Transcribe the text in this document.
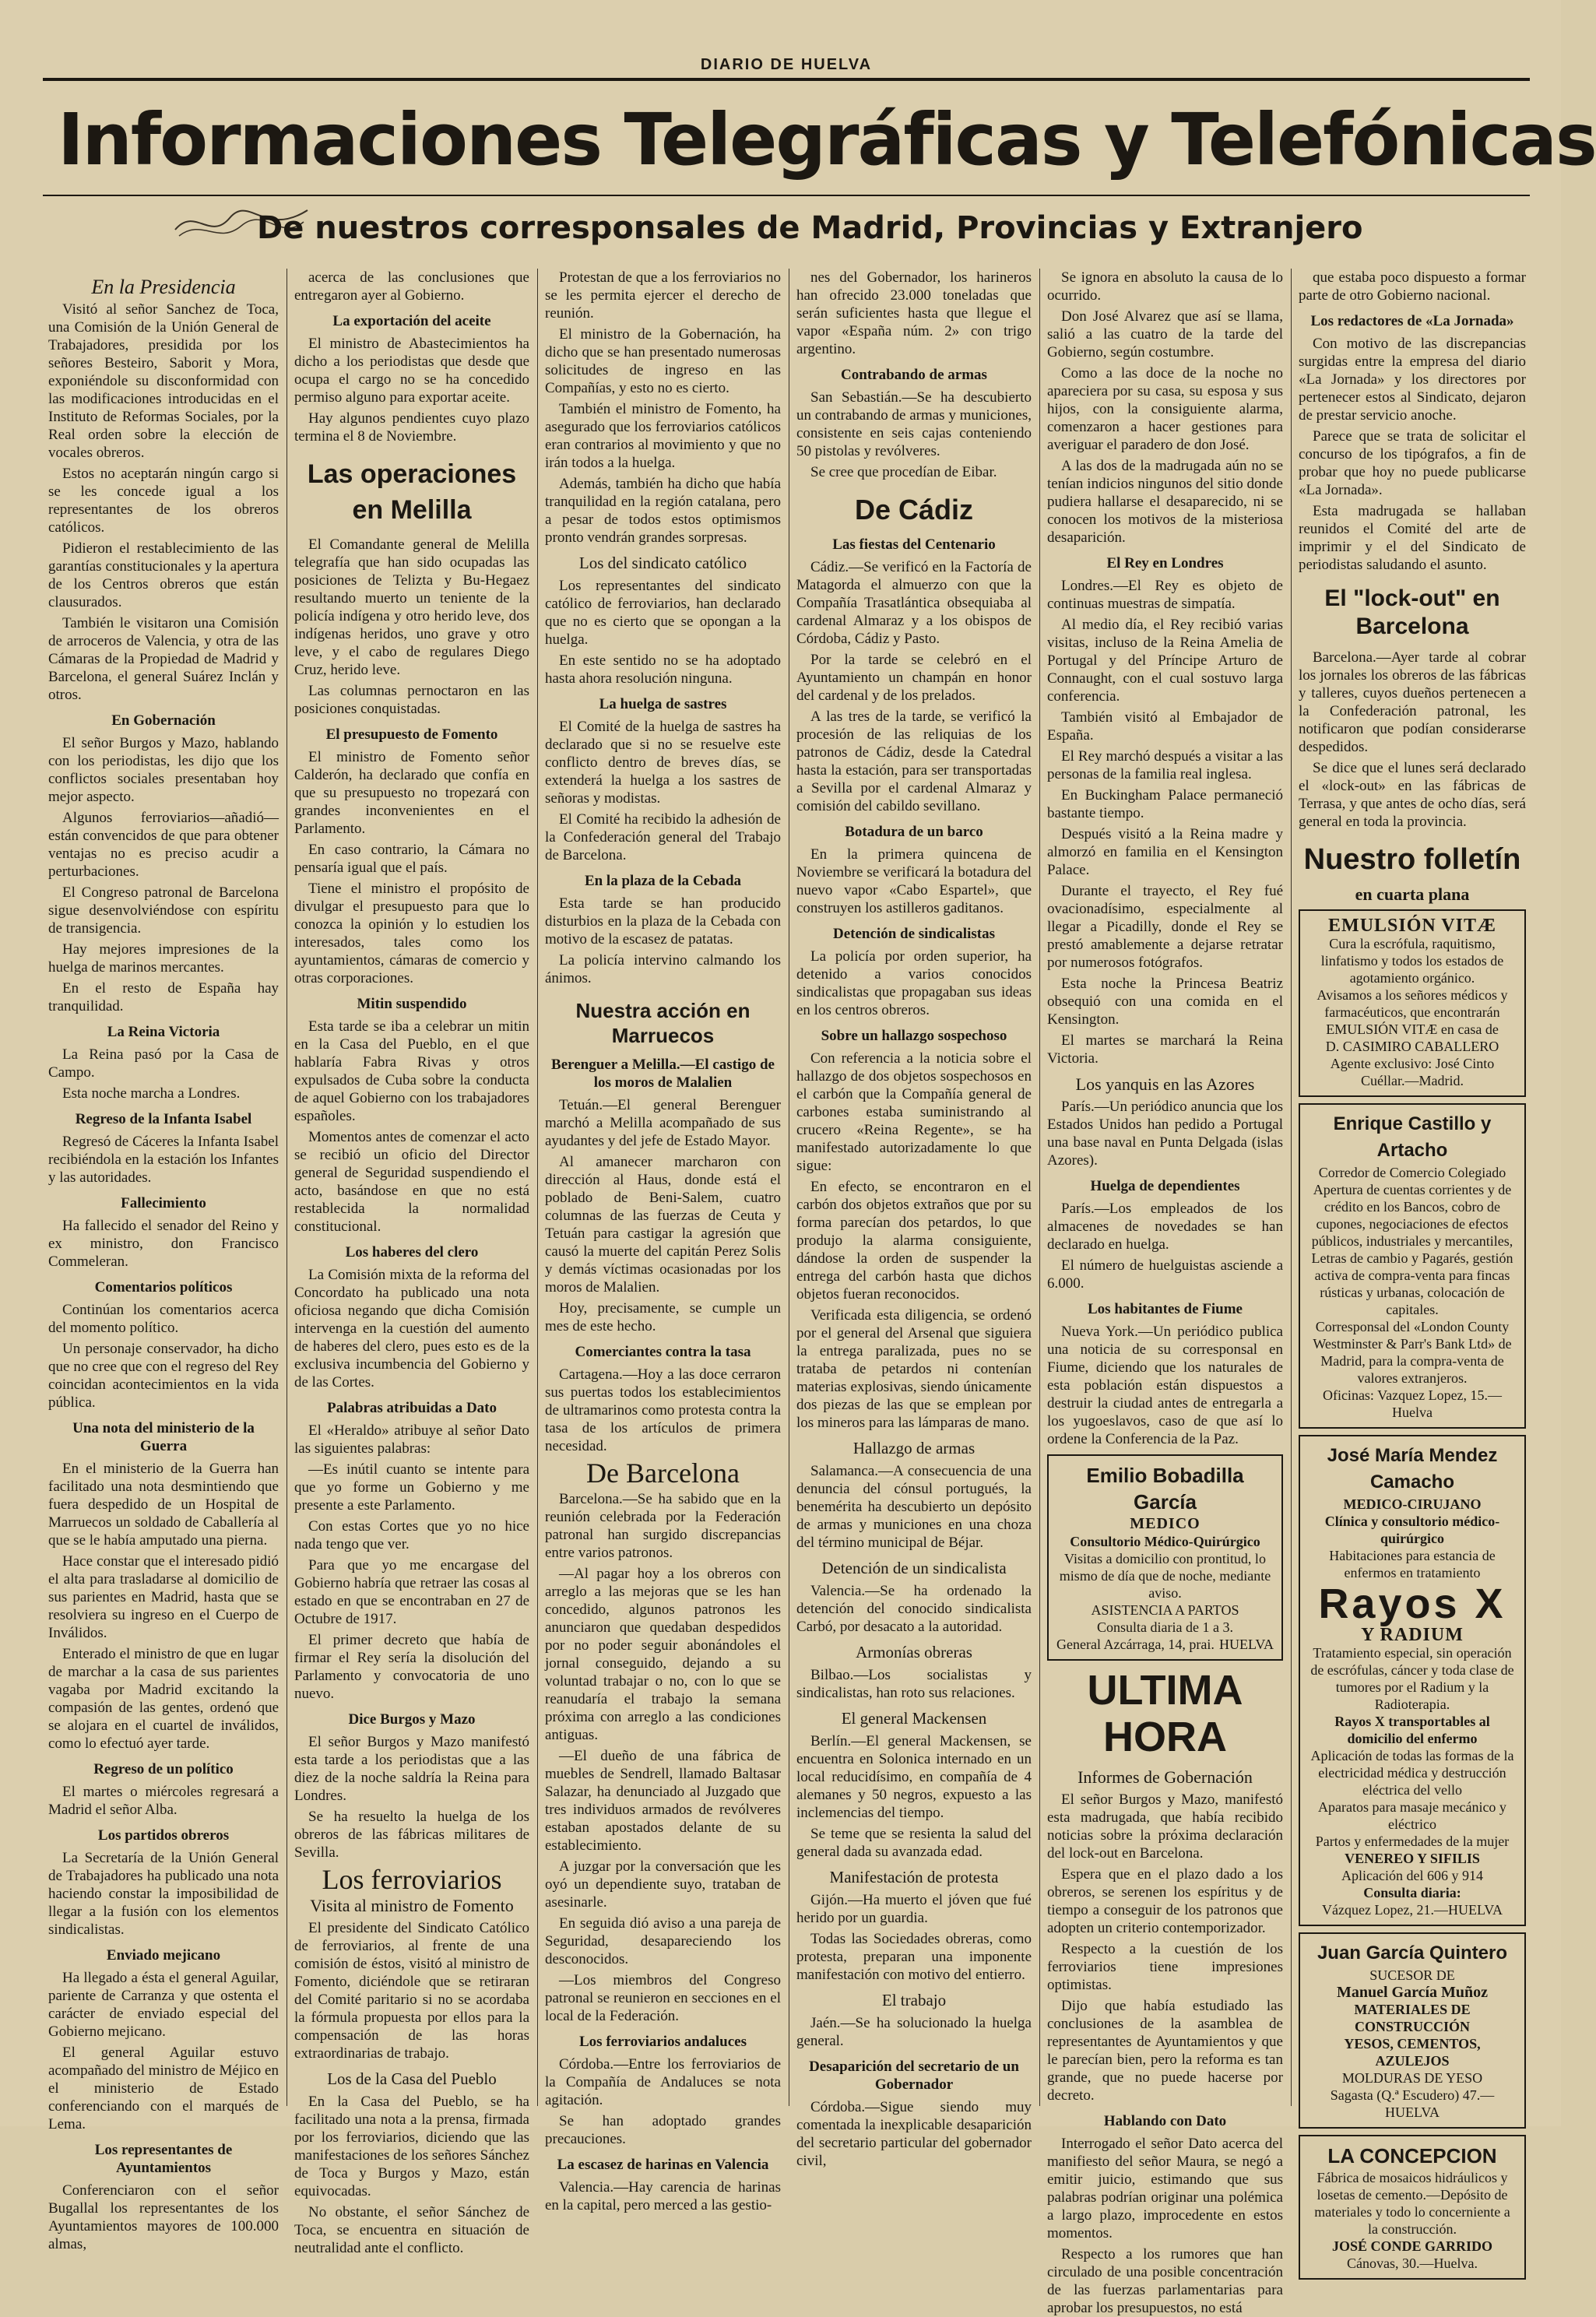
DIARIO DE HUELVA
Informaciones Telegráficas y Telefónicas
De nuestros corresponsales de Madrid, Provincias y Extranjero
En la Presidencia

Visitó al señor Sanchez de Toca, una Comisión de la Unión General de Trabajadores, presidida por los señores Besteiro, Saborit y Mora, exponiéndole su disconformidad con las modificaciones introducidas en el Instituto de Reformas Sociales, por la Real orden sobre la elección de vocales obreros.

Estos no aceptarán ningún cargo si se les concede igual a los representantes de los obreros católicos.

Pidieron el restablecimiento de las garantías constitucionales y la apertura de los Centros obreros que están clausurados.

También le visitaron una Comisión de arroceros de Valencia, y otra de las Cámaras de la Propiedad de Madrid y Barcelona, el general Suárez Inclán y otros.

En Gobernación

El señor Burgos y Mazo, hablando con los periodistas, les dijo que los conflictos sociales presentaban hoy mejor aspecto.

Algunos ferroviarios—añadió—están convencidos de que para obtener ventajas no es preciso acudir a perturbaciones.

El Congreso patronal de Barcelona sigue desenvolviéndose con espíritu de transigencia.

Hay mejores impresiones de la huelga de marinos mercantes.

En el resto de España hay tranquilidad.

La Reina Victoria

La Reina pasó por la Casa de Campo.

Esta noche marcha a Londres.

Regreso de la Infanta Isabel

Regresó de Cáceres la Infanta Isabel recibiéndola en la estación los Infantes y las autoridades.

Fallecimiento

Ha fallecido el senador del Reino y ex ministro, don Francisco Commeleran.

Comentarios políticos

Continúan los comentarios acerca del momento político.

Un personaje conservador, ha dicho que no cree que con el regreso del Rey coincidan acontecimientos en la vida pública.

Una nota del ministerio de la Guerra

En el ministerio de la Guerra han facilitado una nota desmintiendo que fuera despedido de un Hospital de Marruecos un soldado de Caballería al que se le había amputado una pierna.

Hace constar que el interesado pidió el alta para trasladarse al domicilio de sus parientes en Madrid, hasta que se resolviera su ingreso en el Cuerpo de Inválidos.

Enterado el ministro de que en lugar de marchar a la casa de sus parientes vagaba por Madrid excitando la compasión de las gentes, ordenó que se alojara en el cuartel de inválidos, como lo efectuó ayer tarde.

Regreso de un político

El martes o miércoles regresará a Madrid el señor Alba.

Los partidos obreros

La Secretaría de la Unión General de Trabajadores ha publicado una nota haciendo constar la imposibilidad de llegar a la fusión con los elementos sindicalistas.

Enviado mejicano

Ha llegado a ésta el general Aguilar, pariente de Carranza y que ostenta el carácter de enviado especial del Gobierno mejicano.

El general Aguilar estuvo acompañado del ministro de Méjico en el ministerio de Estado conferenciando con el marqués de Lema.

Los representantes de Ayuntamientos

Conferenciaron con el señor Bugallal los representantes de los Ayuntamientos mayores de 100.000 almas,

acerca de las conclusiones que entregaron ayer al Gobierno.

La exportación del aceite

El ministro de Abastecimientos ha dicho a los periodistas que desde que ocupa el cargo no se ha concedido permiso alguno para exportar aceite.

Hay algunos pendientes cuyo plazo termina el 8 de Noviembre.

Las operaciones en Melilla

El Comandante general de Melilla telegrafía que han sido ocupadas las posiciones de Telizta y Bu-Hegaez resultando muerto un teniente de la policía indígena y otro herido leve, dos indígenas heridos, uno grave y otro leve, y el cabo de regulares Diego Cruz, herido leve.

Las columnas pernoctaron en las posiciones conquistadas.

El presupuesto de Fomento

El ministro de Fomento señor Calderón, ha declarado que confía en que su presupuesto no tropezará con grandes inconvenientes en el Parlamento.

En caso contrario, la Cámara no pensaría igual que el país.

Tiene el ministro el propósito de divulgar el presupuesto para que lo conozca la opinión y lo estudien los interesados, tales como los ayuntamientos, cámaras de comercio y otras corporaciones.

Mitin suspendido

Esta tarde se iba a celebrar un mitin en la Casa del Pueblo, en el que hablaría Fabra Rivas y otros expulsados de Cuba sobre la conducta de aquel Gobierno con los trabajadores españoles.

Momentos antes de comenzar el acto se recibió un oficio del Director general de Seguridad suspendiendo el acto, basándose en que no está restablecida la normalidad constitucional.

Los haberes del clero

La Comisión mixta de la reforma del Concordato ha publicado una nota oficiosa negando que dicha Comisión intervenga en la cuestión del aumento de haberes del clero, pues esto es de la exclusiva incumbencia del Gobierno y de las Cortes.

Palabras atribuidas a Dato

El «Heraldo» atribuye al señor Dato las siguientes palabras:

—Es inútil cuanto se intente para que yo forme un Gobierno y me presente a este Parlamento.

Con estas Cortes que yo no hice nada tengo que ver.

Para que yo me encargase del Gobierno habría que retraer las cosas al estado en que se encontraban en 27 de Octubre de 1917.

El primer decreto que había de firmar el Rey sería la disolución del Parlamento y convocatoria de uno nuevo.

Dice Burgos y Mazo

El señor Burgos y Mazo manifestó esta tarde a los periodistas que a las diez de la noche saldría la Reina para Londres.

Se ha resuelto la huelga de los obreros de las fábricas militares de Sevilla.

Los ferroviarios
Visita al ministro de Fomento

El presidente del Sindicato Católico de ferroviarios, al frente de una comisión de éstos, visitó al ministro de Fomento, diciéndole que se retiraran del Comité paritario si no se acordaba la fórmula propuesta por ellos para la compensación de las horas extraordinarias de trabajo.

Los de la Casa del Pueblo

En la Casa del Pueblo, se ha facilitado una nota a la prensa, firmada por los ferroviarios, diciendo que las manifestaciones de los señores Sánchez de Toca y Burgos y Mazo, están equivocadas.

No obstante, el señor Sánchez de Toca, se encuentra en situación de neutralidad ante el conflicto.

Protestan de que a los ferroviarios no se les permita ejercer el derecho de reunión.

El ministro de la Gobernación, ha dicho que se han presentado numerosas solicitudes de ingreso en las Compañías, y esto no es cierto.

También el ministro de Fomento, ha asegurado que los ferroviarios católicos eran contrarios al movimiento y que no irán todos a la huelga.

Además, también ha dicho que había tranquilidad en la región catalana, pero a pesar de todos estos optimismos pronto vendrán grandes sorpresas.

Los del sindicato católico

Los representantes del sindicato católico de ferroviarios, han declarado que no es cierto que se opongan a la huelga.

En este sentido no se ha adoptado hasta ahora resolución ninguna.

La huelga de sastres

El Comité de la huelga de sastres ha declarado que si no se resuelve este conflicto dentro de breves días, se extenderá la huelga a los sastres de señoras y modistas.

El Comité ha recibido la adhesión de la Confederación general del Trabajo de Barcelona.

En la plaza de la Cebada

Esta tarde se han producido disturbios en la plaza de la Cebada con motivo de la escasez de patatas.

La policía intervino calmando los ánimos.

Nuestra acción en Marruecos
Berenguer a Melilla.—El castigo de los moros de Malalien

Tetuán.—El general Berenguer marchó a Melilla acompañado de sus ayudantes y del jefe de Estado Mayor.

Al amanecer marcharon con dirección al Haus, donde está el poblado de Beni-Salem, cuatro columnas de las fuerzas de Ceuta y Tetuán para castigar la agresión que causó la muerte del capitán Perez Solis y demás víctimas ocasionadas por los moros de Malalien.

Hoy, precisamente, se cumple un mes de este hecho.

Comerciantes contra la tasa

Cartagena.—Hoy a las doce cerraron sus puertas todos los establecimientos de ultramarinos como protesta contra la tasa de los artículos de primera necesidad.

De Barcelona

Barcelona.—Se ha sabido que en la reunión celebrada por la Federación patronal han surgido discrepancias entre varios patronos.

—Al pagar hoy a los obreros con arreglo a las mejoras que se les han concedido, algunos patronos les anunciaron que quedaban despedidos por no poder seguir abonándoles el jornal conseguido, dejando a su voluntad trabajar o no, con lo que se reanudaría el trabajo la semana próxima con arreglo a las condiciones antiguas.

—El dueño de una fábrica de muebles de Sendrell, llamado Baltasar Salazar, ha denunciado al Juzgado que tres individuos armados de revólveres estaban apostados delante de su establecimiento.

A juzgar por la conversación que les oyó un dependiente suyo, trataban de asesinarle.

En seguida dió aviso a una pareja de Seguridad, desapareciendo los desconocidos.

—Los miembros del Congreso patronal se reunieron en secciones en el local de la Federación.

Los ferroviarios andaluces

Córdoba.—Entre los ferroviarios de la Compañía de Andaluces se nota agitación.

Se han adoptado grandes precauciones.

La escasez de harinas en Valencia

Valencia.—Hay carencia de harinas en la capital, pero merced a las gestio-

nes del Gobernador, los harineros han ofrecido 23.000 toneladas que serán suficientes hasta que llegue el vapor «España núm. 2» con trigo argentino.

Contrabando de armas

San Sebastián.—Se ha descubierto un contrabando de armas y municiones, consistente en seis cajas conteniendo 50 pistolas y revólveres.

Se cree que procedían de Eibar.

De Cádiz
Las fiestas del Centenario

Cádiz.—Se verificó en la Factoría de Matagorda el almuerzo con que la Compañía Trasatlántica obsequiaba al cardenal Almaraz y a los obispos de Córdoba, Cádiz y Pasto.

Por la tarde se celebró en el Ayuntamiento un champán en honor del cardenal y de los prelados.

A las tres de la tarde, se verificó la procesión de las reliquias de los patronos de Cádiz, desde la Catedral hasta la estación, para ser transportadas a Sevilla por el cardenal Almaraz y comisión del cabildo sevillano.

Botadura de un barco

En la primera quincena de Noviembre se verificará la botadura del nuevo vapor «Cabo Espartel», que construyen los astilleros gaditanos.

Detención de sindicalistas

La policía por orden superior, ha detenido a varios conocidos sindicalistas que propagaban sus ideas en los centros obreros.

Sobre un hallazgo sospechoso

Con referencia a la noticia sobre el hallazgo de dos objetos sospechosos en el carbón que la Compañía general de carbones estaba suministrando al crucero «Reina Regente», se ha manifestado autorizadamente lo que sigue:

En efecto, se encontraron en el carbón dos objetos extraños que por su forma parecían dos petardos, lo que produjo la alarma consiguiente, dándose la orden de suspender la entrega del carbón hasta que dichos objetos fueran reconocidos.

Verificada esta diligencia, se ordenó por el general del Arsenal que siguiera la entrega paralizada, pues no se trataba de petardos ni contenían materias explosivas, siendo únicamente dos piezas de las que se emplean por los mineros para las lámparas de mano.

Hallazgo de armas

Salamanca.—A consecuencia de una denuncia del cónsul portugués, la benemérita ha descubierto un depósito de armas y municiones en una choza del término municipal de Béjar.

Detención de un sindicalista

Valencia.—Se ha ordenado la detención del conocido sindicalista Carbó, por desacato a la autoridad.

Armonías obreras

Bilbao.—Los socialistas y sindicalistas, han roto sus relaciones.

El general Mackensen

Berlín.—El general Mackensen, se encuentra en Solonica internado en un local reducidísimo, en compañía de 4 alemanes y 50 negros, expuesto a las inclemencias del tiempo.

Se teme que se resienta la salud del general dada su avanzada edad.

Manifestación de protesta

Gijón.—Ha muerto el jóven que fué herido por un guardia.

Todas las Sociedades obreras, como protesta, preparan una imponente manifestación con motivo del entierro.

El trabajo

Jaén.—Se ha solucionado la huelga general.

Desaparición del secretario de un Gobernador

Córdoba.—Sigue siendo muy comentada la inexplicable desaparición del secretario particular del gobernador civil,

Se ignora en absoluto la causa de lo ocurrido.

Don José Alvarez que así se llama, salió a las cuatro de la tarde del Gobierno, según costumbre.

Como a las doce de la noche no apareciera por su casa, su esposa y sus hijos, con la consiguiente alarma, comenzaron a hacer gestiones para averiguar el paradero de don José.

A las dos de la madrugada aún no se tenían indicios ningunos del sitio donde pudiera hallarse el desaparecido, ni se conocen los motivos de la misteriosa desaparición.

El Rey en Londres

Londres.—El Rey es objeto de continuas muestras de simpatía.

Al medio día, el Rey recibió varias visitas, incluso de la Reina Amelia de Portugal y del Príncipe Arturo de Connaught, con el cual sostuvo larga conferencia.

También visitó al Embajador de España.

El Rey marchó después a visitar a las personas de la familia real inglesa.

En Buckingham Palace permaneció bastante tiempo.

Después visitó a la Reina madre y almorzó en familia en el Kensington Palace.

Durante el trayecto, el Rey fué ovacionadísimo, especialmente al llegar a Picadilly, donde el Rey se prestó amablemente a dejarse retratar por numerosos fotógrafos.

Esta noche la Princesa Beatriz obsequió con una comida en el Kensington.

El martes se marchará la Reina Victoria.

Los yanquis en las Azores

París.—Un periódico anuncia que los Estados Unidos han pedido a Portugal una base naval en Punta Delgada (islas Azores).

Huelga de dependientes

París.—Los empleados de los almacenes de novedades se han declarado en huelga.

El número de huelguistas asciende a 6.000.

Los habitantes de Fiume

Nueva York.—Un periódico publica una noticia de su corresponsal en Fiume, diciendo que los naturales de esta población están dispuestos a destruir la ciudad antes de entregarla a los yugoeslavos, caso de que así lo ordene la Conferencia de la Paz.

Emilio Bobadilla García
MEDICO
Consultorio Médico-Quirúrgico
Visitas a domicilio con prontitud, lo mismo de día que de noche, mediante aviso.
ASISTENCIA A PARTOS
Consulta diaria de 1 a 3.
General Azcárraga, 14, prai. HUELVA
ULTIMA HORA
Informes de Gobernación

El señor Burgos y Mazo, manifestó esta madrugada, que había recibido noticias sobre la próxima declaración del lock-out en Barcelona.

Espera que en el plazo dado a los obreros, se serenen los espíritus y de tiempo a conseguir de los patronos que adopten un criterio contemporizador.

Respecto a la cuestión de los ferroviarios tiene impresiones optimistas.

Dijo que había estudiado las conclusiones de la asamblea de representantes de Ayuntamientos y que le parecían bien, pero la reforma es tan grande, que no puede hacerse por decreto.

Hablando con Dato

Interrogado el señor Dato acerca del manifiesto del señor Maura, se negó a emitir juicio, estimando que sus palabras podrían originar una polémica a largo plazo, improcedente en estos momentos.

Respecto a los rumores que han circulado de una posible concentración de las fuerzas parlamentarias para aprobar los presupuestos, no está

que estaba poco dispuesto a formar parte de otro Gobierno nacional.

Los redactores de «La Jornada»

Con motivo de las discrepancias surgidas entre la empresa del diario «La Jornada» y los directores por pertenecer estos al Sindicato, dejaron de prestar servicio anoche.

Parece que se trata de solicitar el concurso de los tipógrafos, a fin de probar que hoy no puede publicarse «La Jornada».

Esta madrugada se hallaban reunidos el Comité del arte de imprimir y el del Sindicato de periodistas saludando el asunto.

El "lock-out" en Barcelona

Barcelona.—Ayer tarde al cobrar los jornales los obreros de las fábricas y talleres, cuyos dueños pertenecen a la Confederación patronal, les notificaron que podían considerarse despedidos.

Se dice que el lunes será declarado el «lock-out» en las fábricas de Terrasa, y que antes de ocho días, será general en toda la provincia.

Nuestro folletín
en cuarta plana
EMULSIÓN VITÆ
Cura la escrófula, raquitismo, linfatismo y todos los estados de agotamiento orgánico.
Avisamos a los señores médicos y farmacéuticos, que encontrarán EMULSIÓN VITÆ en casa de
D. CASIMIRO CABALLERO
Agente exclusivo: José Cinto Cuéllar.—Madrid.
Enrique Castillo y Artacho
Corredor de Comercio Colegiado
Apertura de cuentas corrientes y de crédito en los Bancos, cobro de cupones, negociaciones de efectos públicos, industriales y mercantiles, Letras de cambio y Pagarés, gestión activa de compra-venta para fincas rústicas y urbanas, colocación de capitales.
Corresponsal del «London County Westminster & Parr's Bank Ltd» de Madrid, para la compra-venta de valores extranjeros.
Oficinas: Vazquez Lopez, 15.—Huelva
José María Mendez Camacho
MEDICO-CIRUJANO
Clínica y consultorio médico-quirúrgico
Habitaciones para estancia de enfermos en tratamiento
Rayos X
Y RADIUM
Tratamiento especial, sin operación de escrófulas, cáncer y toda clase de tumores por el Radium y la Radioterapia.
Rayos X transportables al domicilio del enfermo
Aplicación de todas las formas de la electricidad médica y destrucción eléctrica del vello
Aparatos para masaje mecánico y eléctrico
Partos y enfermedades de la mujer
VENEREO Y SIFILIS
Aplicación del 606 y 914
Consulta diaria:
Vázquez Lopez, 21.—HUELVA
Juan García Quintero
SUCESOR DE
Manuel García Muñoz
MATERIALES DE CONSTRUCCIÓN
YESOS, CEMENTOS, AZULEJOS
MOLDURAS DE YESO
Sagasta (Q.ª Escudero) 47.—HUELVA
LA CONCEPCION
Fábrica de mosaicos hidráulicos y losetas de cemento.—Depósito de materiales y todo lo concerniente a la construcción.
JOSÉ CONDE GARRIDO
Cánovas, 30.—Huelva.
